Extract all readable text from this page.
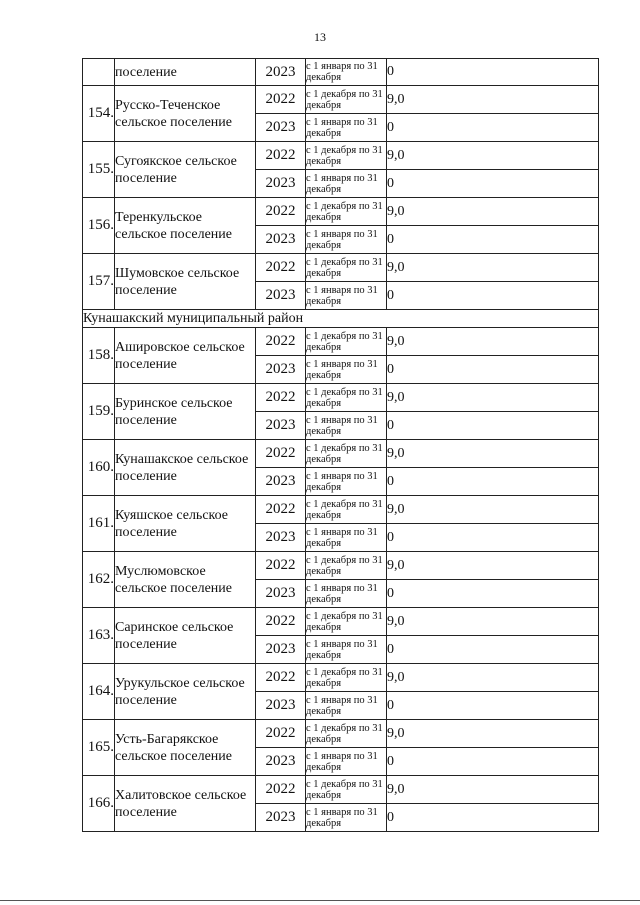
13
	поселение	2023	с 1 января по 31 декабря	0
154.	Русско-Теченское сельское поселение	2022	с 1 декабря по 31 декабря	9,0
		2023	с 1 января по 31 декабря	0
155.	Сугоякское сельское поселение	2022	с 1 декабря по 31 декабря	9,0
		2023	с 1 января по 31 декабря	0
156.	Теренкульское сельское поселение	2022	с 1 декабря по 31 декабря	9,0
		2023	с 1 января по 31 декабря	0
157.	Шумовское сельское поселение	2022	с 1 декабря по 31 декабря	9,0
		2023	с 1 января по 31 декабря	0
Кунашакский муниципальный район				
158.	Ашировское сельское поселение	2022	с 1 декабря по 31 декабря	9,0
		2023	с 1 января по 31 декабря	0
159.	Буринское сельское поселение	2022	с 1 декабря по 31 декабря	9,0
		2023	с 1 января по 31 декабря	0
160.	Кунашакское сельское поселение	2022	с 1 декабря по 31 декабря	9,0
		2023	с 1 января по 31 декабря	0
161.	Куяшское сельское поселение	2022	с 1 декабря по 31 декабря	9,0
		2023	с 1 января по 31 декабря	0
162.	Муслюмовское сельское поселение	2022	с 1 декабря по 31 декабря	9,0
		2023	с 1 января по 31 декабря	0
163.	Саринское сельское поселение	2022	с 1 декабря по 31 декабря	9,0
		2023	с 1 января по 31 декабря	0
164.	Урукульское сельское поселение	2022	с 1 декабря по 31 декабря	9,0
		2023	с 1 января по 31 декабря	0
165.	Усть-Багарякское сельское поселение	2022	с 1 декабря по 31 декабря	9,0
		2023	с 1 января по 31 декабря	0
166.	Халитовское сельское поселение	2022	с 1 декабря по 31 декабря	9,0
		2023	с 1 января по 31 декабря	0
